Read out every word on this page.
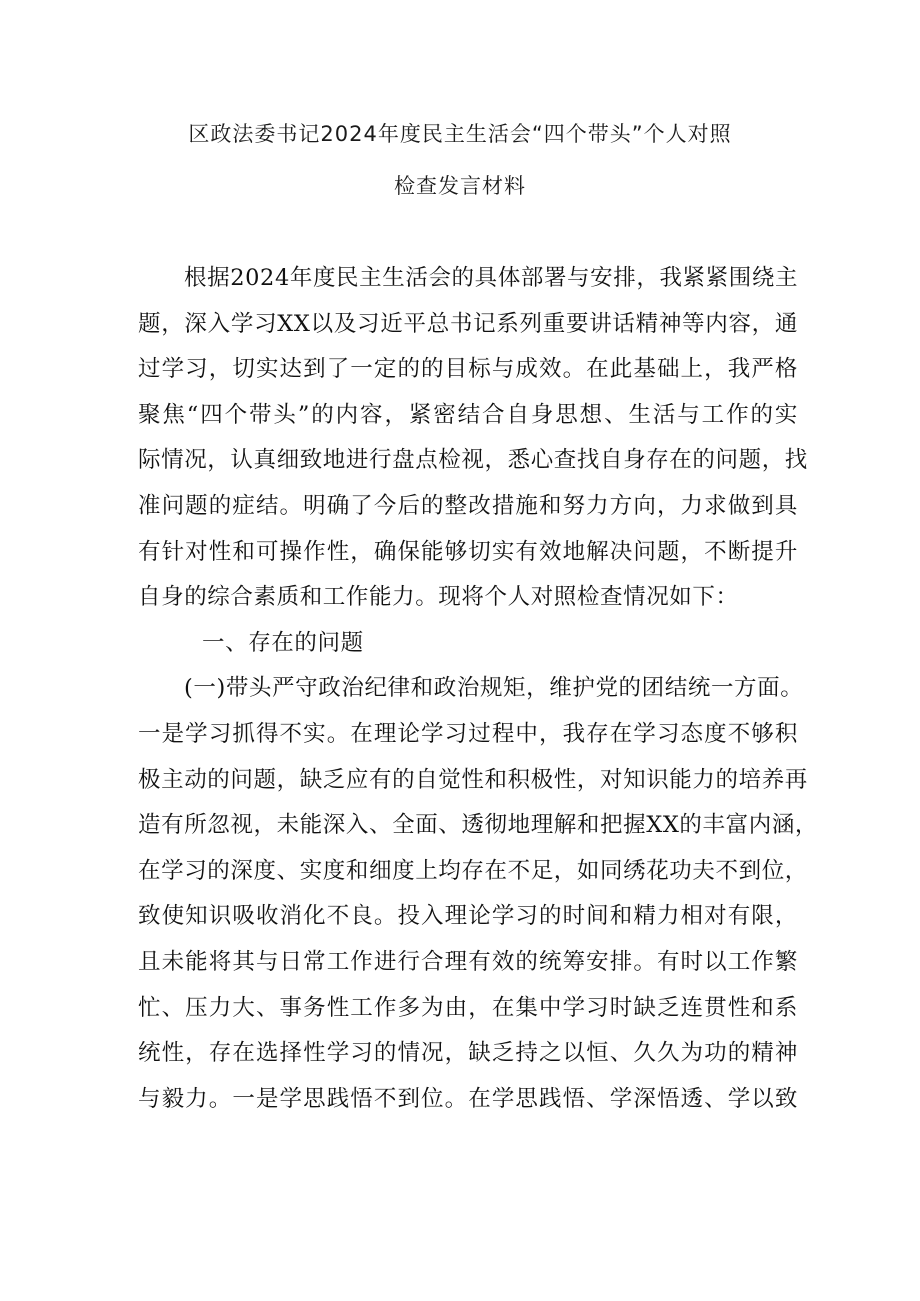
区政法委书记2024年度民主生活会“四个带头”个人对照
检查发言材料
根据2024年度民主生活会的具体部署与安排，我紧紧围绕主
题，深入学习XX以及习近平总书记系列重要讲话精神等内容，通
过学习，切实达到了一定的的目标与成效。在此基础上，我严格
聚焦“四个带头”的内容，紧密结合自身思想、生活与工作的实
际情况，认真细致地进行盘点检视，悉心查找自身存在的问题，找
准问题的症结。明确了今后的整改措施和努力方向，力求做到具
有针对性和可操作性，确保能够切实有效地解决问题，不断提升
自身的综合素质和工作能力。现将个人对照检查情况如下：
一、存在的问题
(一)带头严守政治纪律和政治规矩，维护党的团结统一方面。
一是学习抓得不实。在理论学习过程中，我存在学习态度不够积
极主动的问题，缺乏应有的自觉性和积极性，对知识能力的培养再
造有所忽视，未能深入、全面、透彻地理解和把握XX的丰富内涵，
在学习的深度、实度和细度上均存在不足，如同绣花功夫不到位，
致使知识吸收消化不良。投入理论学习的时间和精力相对有限，
且未能将其与日常工作进行合理有效的统筹安排。有时以工作繁
忙、压力大、事务性工作多为由，在集中学习时缺乏连贯性和系
统性，存在选择性学习的情况，缺乏持之以恒、久久为功的精神
与毅力。一是学思践悟不到位。在学思践悟、学深悟透、学以致
